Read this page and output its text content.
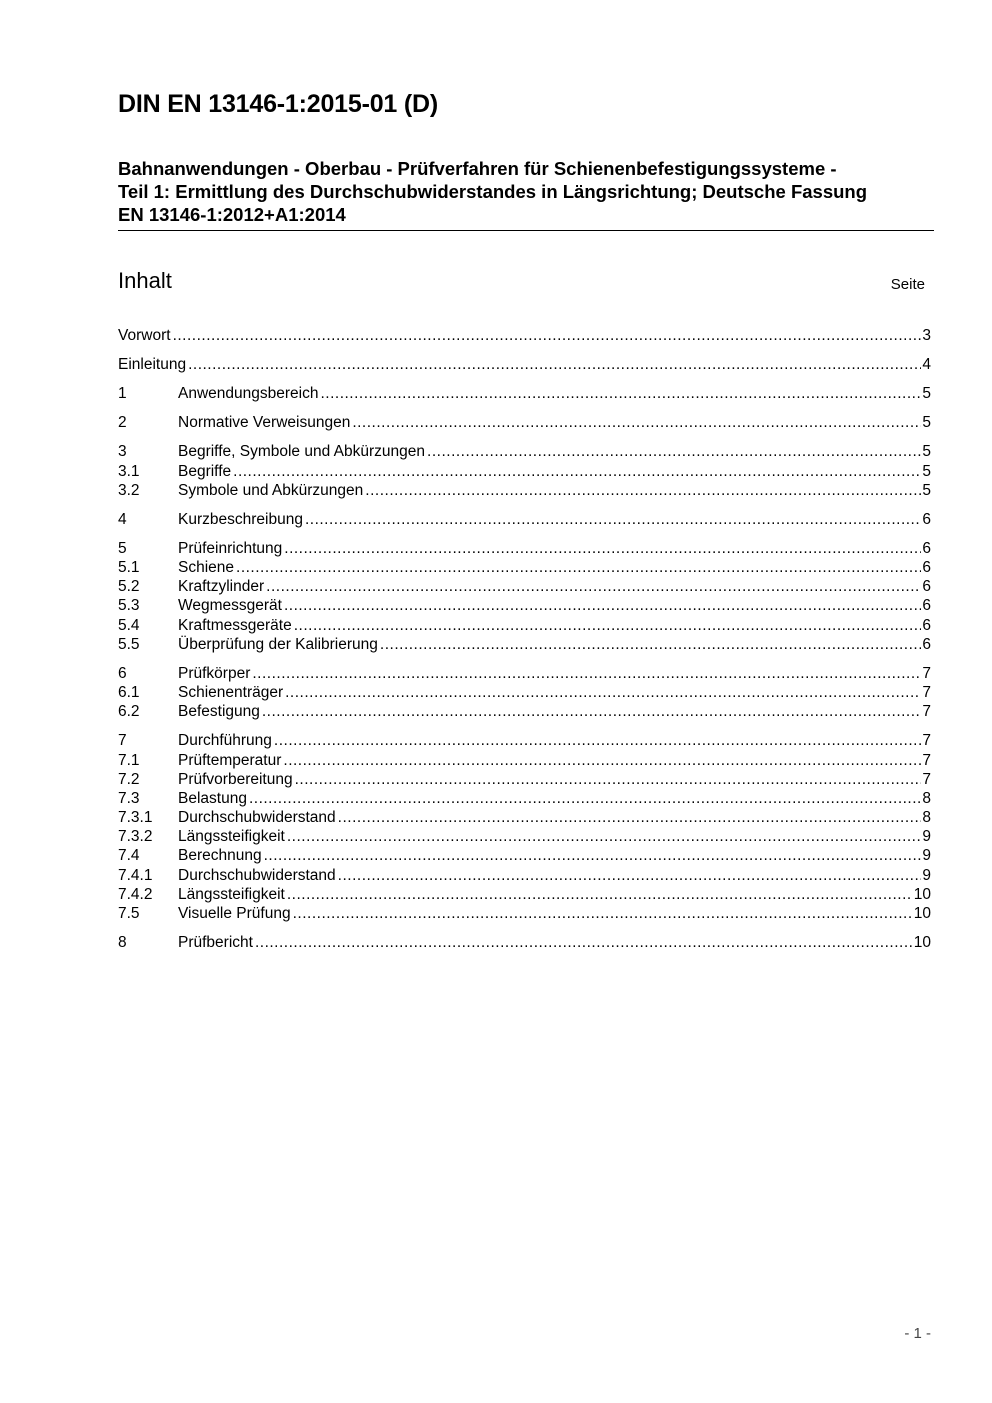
DIN EN 13146-1:2015-01 (D)
Bahnanwendungen - Oberbau - Prüfverfahren für Schienenbefestigungssysteme -
Teil 1: Ermittlung des Durchschubwiderstandes in Längsrichtung; Deutsche Fassung
EN 13146-1:2012+A1:2014
Inhalt	Seite
Vorwort .....	3
Einleitung .....	4
1	Anwendungsbereich .....	5
2	Normative Verweisungen .....	5
3	Begriffe, Symbole und Abkürzungen .....	5
3.1 Begriffe .....	5
3.2 Symbole und Abkürzungen .....	5
4	Kurzbeschreibung .....	6
5	Prüfeinrichtung .....	6
5.1 Schiene .....	6
5.2 Kraftzylinder .....	6
5.3 Wegmessgerät .....	6
5.4 Kraftmessgeräte .....	6
5.5 Überprüfung der Kalibrierung .....	6
6	Prüfkörper .....	7
6.1 Schienenträger .....	7
6.2 Befestigung .....	7
7	Durchführung .....	7
7.1 Prüftemperatur .....	7
7.2 Prüfvorbereitung .....	7
7.3 Belastung .....	8
7.3.1 Durchschubwiderstand .....	8
7.3.2 Längssteifigkeit .....	9
7.4 Berechnung .....	9
7.4.1 Durchschubwiderstand .....	9
7.4.2 Längssteifigkeit .....	10
7.5 Visuelle Prüfung .....	10
8	Prüfbericht .....	10
- 1 -
